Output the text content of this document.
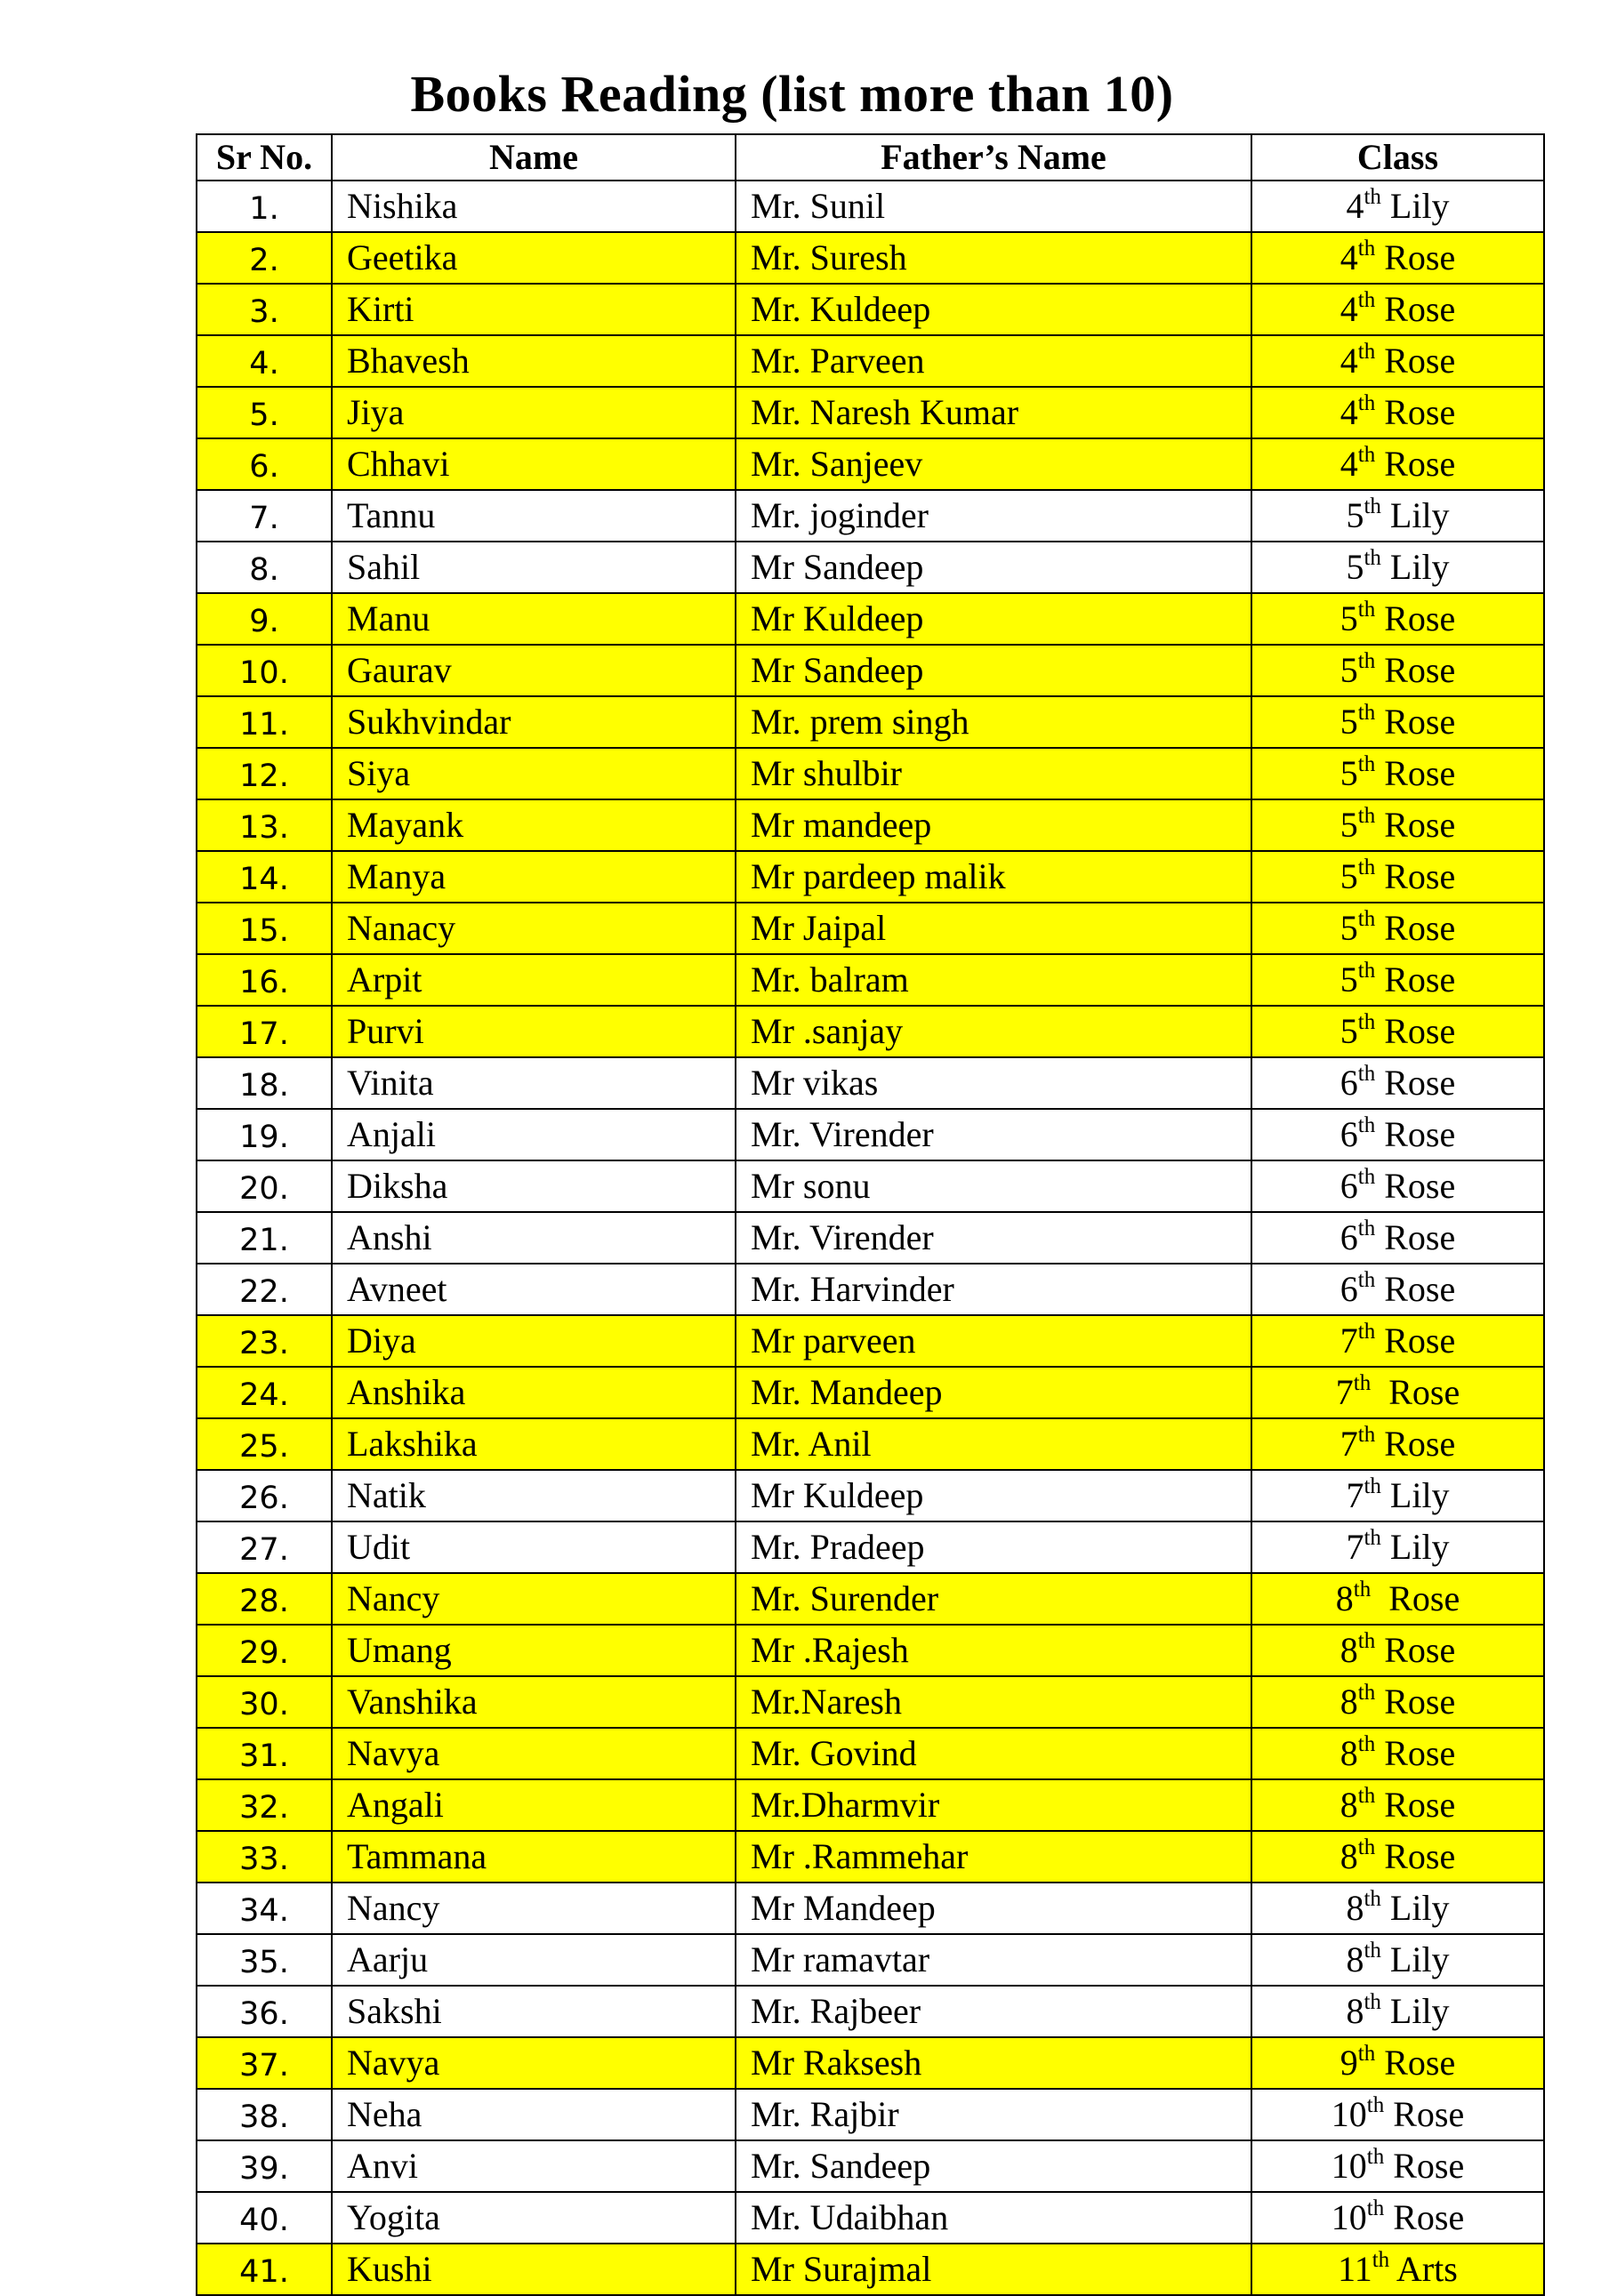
Books Reading (list more than 10)
Sr No.	Name	Father’s Name	Class
1.	Nishika	Mr. Sunil	4th Lily
2.	Geetika	Mr. Suresh	4th Rose
3.	Kirti	Mr. Kuldeep	4th Rose
4.	Bhavesh	Mr. Parveen	4th Rose
5.	Jiya	Mr. Naresh Kumar	4th Rose
6.	Chhavi	Mr. Sanjeev	4th Rose
7.	Tannu	Mr. joginder	5th Lily
8.	Sahil	Mr Sandeep	5th Lily
9.	Manu	Mr Kuldeep	5th Rose
10.	Gaurav	Mr Sandeep	5th Rose
11.	Sukhvindar	Mr. prem singh	5th Rose
12.	Siya	Mr shulbir	5th Rose
13.	Mayank	Mr mandeep	5th Rose
14.	Manya	Mr pardeep malik	5th Rose
15.	Nanacy	Mr Jaipal	5th Rose
16.	Arpit	Mr. balram	5th Rose
17.	Purvi	Mr .sanjay	5th Rose
18.	Vinita	Mr vikas	6th Rose
19.	Anjali	Mr. Virender	6th Rose
20.	Diksha	Mr sonu	6th Rose
21.	Anshi	Mr. Virender	6th Rose
22.	Avneet	Mr. Harvinder	6th Rose
23.	Diya	Mr parveen	7th Rose
24.	Anshika	Mr. Mandeep	7th  Rose
25.	Lakshika	Mr. Anil	7th Rose
26.	Natik	Mr Kuldeep	7th Lily
27.	Udit	Mr. Pradeep	7th Lily
28.	Nancy	Mr. Surender	8th  Rose
29.	Umang	Mr .Rajesh	8th Rose
30.	Vanshika	Mr.Naresh	8th Rose
31.	Navya	Mr. Govind	8th Rose
32.	Angali	Mr.Dharmvir	8th Rose
33.	Tammana	Mr .Rammehar	8th Rose
34.	Nancy	Mr Mandeep	8th Lily
35.	Aarju	Mr ramavtar	8th Lily
36.	Sakshi	Mr. Rajbeer	8th Lily
37.	Navya	Mr Raksesh	9th Rose
38.	Neha	Mr. Rajbir	10th Rose
39.	Anvi	Mr. Sandeep	10th Rose
40.	Yogita	Mr. Udaibhan	10th Rose
41.	Kushi	Mr Surajmal	11th Arts
